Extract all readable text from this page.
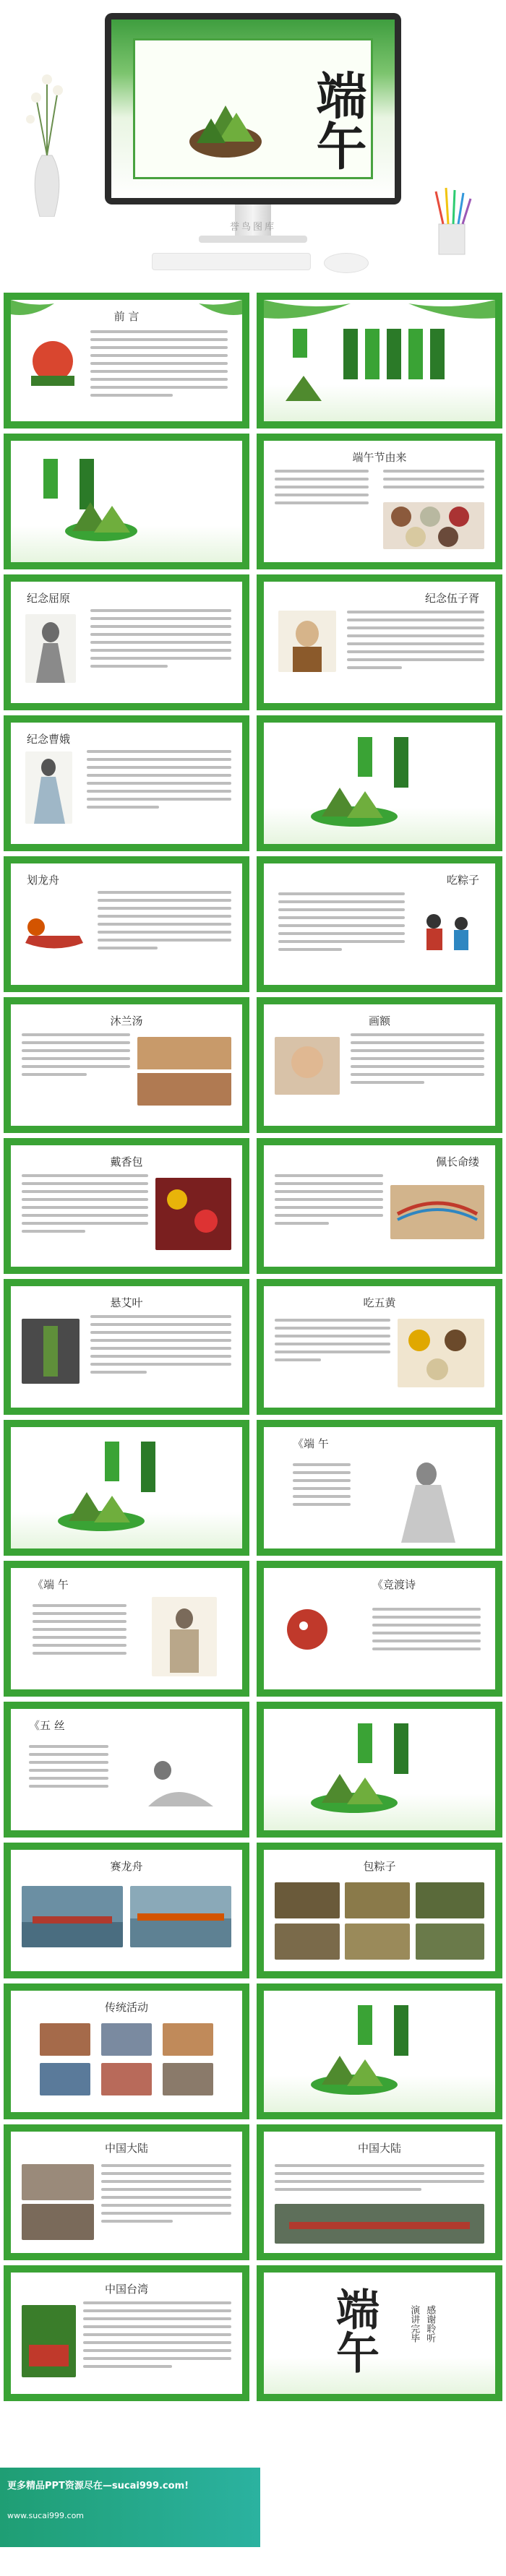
端午
誉鸟图库
前 言
端午节由来
纪念屈原	纪念伍子胥
纪念曹娥
划龙舟	吃粽子
沐兰汤	画额
戴香包	佩长命缕
悬艾叶	吃五黄
《端 午
《端 午	《竞渡诗
《五 丝
赛龙舟	包粽子
传统活动
中国大陆	中国大陆
中国台湾	端午	演讲完毕 感谢聆听
更多精品PPT资源尽在—sucai999.com!
www.sucai999.com
